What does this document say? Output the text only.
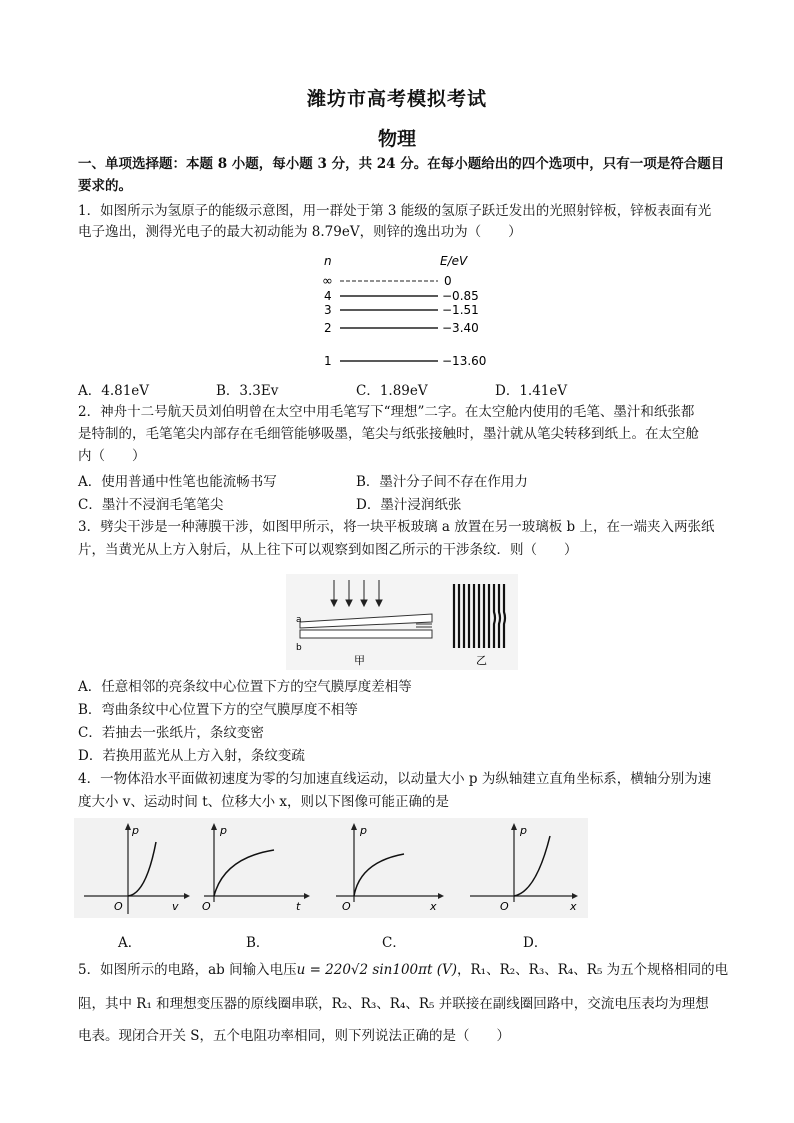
潍坊市高考模拟考试
物理
一、单项选择题：本题 8 小题，每小题 3 分，共 24 分。在每小题给出的四个选项中，只有一项是符合题目
要求的。
1．如图所示为氢原子的能级示意图，用一群处于第 3 能级的氢原子跃迁发出的光照射锌板，锌板表面有光
电子逸出，测得光电子的最大初动能为 8.79eV，则锌的逸出功为（　　）
n	E/eV
∞	0
4	−0.85
3	−1.51
2	−3.40
1	−13.60
A．4.81eV	B．3.3Ev	C．1.89eV	D．1.41eV
2．神舟十二号航天员刘伯明曾在太空中用毛笔写下“理想”二字。在太空舱内使用的毛笔、墨汁和纸张都
是特制的，毛笔笔尖内部存在毛细管能够吸墨，笔尖与纸张接触时，墨汁就从笔尖转移到纸上。在太空舱
内（　　）
A．使用普通中性笔也能流畅书写	B．墨汁分子间不存在作用力
C．墨汁不浸润毛笔笔尖	D．墨汁浸润纸张
3．劈尖干涉是一种薄膜干涉，如图甲所示，将一块平板玻璃 a 放置在另一玻璃板 b 上，在一端夹入两张纸
片，当黄光从上方入射后，从上往下可以观察到如图乙所示的干涉条纹．则（　　）
a
b
甲	乙
A．任意相邻的亮条纹中心位置下方的空气膜厚度差相等
B．弯曲条纹中心位置下方的空气膜厚度不相等
C．若抽去一张纸片，条纹变密
D．若换用蓝光从上方入射，条纹变疏
4．一物体沿水平面做初速度为零的匀加速直线运动，以动量大小 p 为纵轴建立直角坐标系，横轴分别为速
度大小 v、运动时间 t、位移大小 x，则以下图像可能正确的是
p
v
O
p
t
O
p
x
O
p
x
O
A．	B．	C．	D．
5．如图所示的电路，ab 间输入电压u = 220√2 sin100πt (V)，R₁、R₂、R₃、R₄、R₅ 为五个规格相同的电
阻，其中 R₁ 和理想变压器的原线圈串联，R₂、R₃、R₄、R₅ 并联接在副线圈回路中，交流电压表均为理想
电表。现闭合开关 S，五个电阻功率相同，则下列说法正确的是（　　）
